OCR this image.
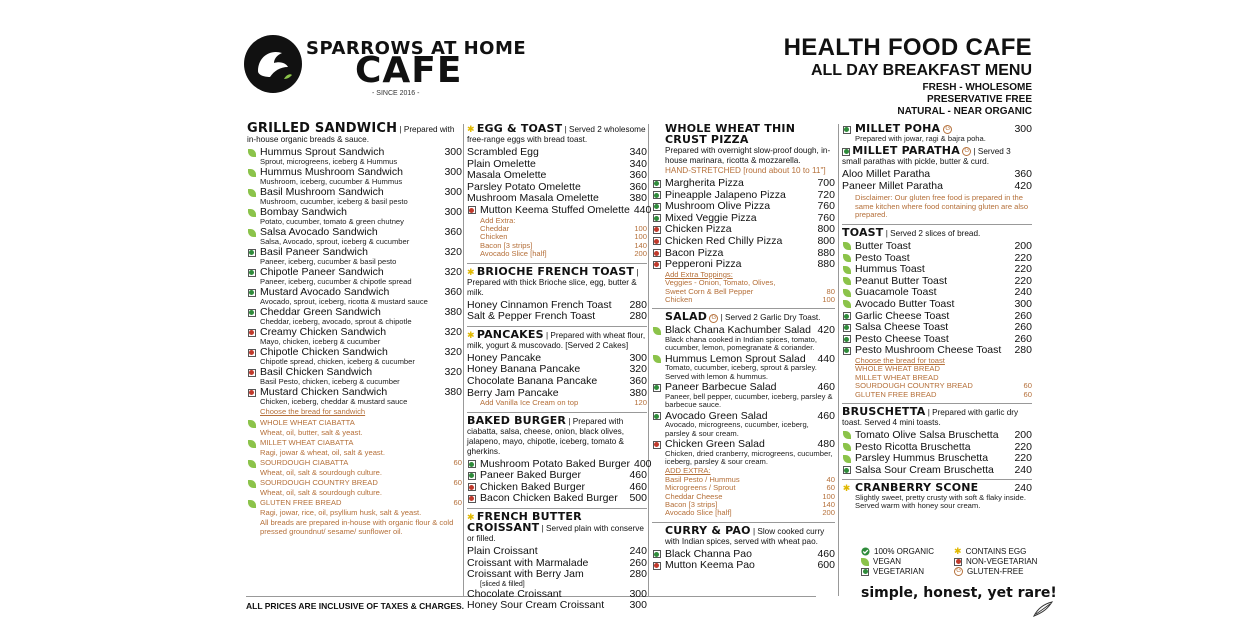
SPARROWS AT HOME
CAFE
- SINCE 2016 -
HEALTH FOOD CAFE
ALL DAY BREAKFAST MENU
FRESH - WHOLESOME
PRESERVATIVE FREE
NATURAL - NEAR ORGANIC
GRILLED SANDWICH | Prepared with in-house organic breads & sauce.
Hummus Sprout Sandwich	300
Sprout, microgreens, iceberg & Hummus
Hummus Mushroom Sandwich	300
Mushroom, iceberg, cucumber & Hummus
Basil Mushroom Sandwich	300
Mushroom, cucumber, iceberg & basil pesto
Bombay Sandwich	300
Potato, cucumber, tomato & green chutney
Salsa Avocado Sandwich	360
Salsa, Avocado, sprout, iceberg & cucumber
Basil Paneer Sandwich	320
Paneer, iceberg, cucumber & basil pesto
Chipotle Paneer Sandwich	320
Paneer, iceberg, cucumber & chipotle spread
Mustard Avocado Sandwich	360
Avocado, sprout, iceberg, ricotta & mustard sauce
Cheddar Green Sandwich	380
Cheddar, iceberg, avocado, sprout & chipotle
Creamy Chicken Sandwich	320
Mayo, chicken, iceberg & cucumber
Chipotle Chicken Sandwich	320
Chipotle spread, chicken, iceberg & cucumber
Basil Chicken Sandwich	320
Basil Pesto, chicken, iceberg & cucumber
Mustard Chicken Sandwich	380
Chicken, iceberg, cheddar & mustard sauce
Choose the bread for sandwich
WHOLE WHEAT CIABATTA
Wheat, oil, butter, salt & yeast.
MILLET WHEAT CIABATTA
Ragi, jowar & wheat, oil, salt & yeast.
SOURDOUGH CIABATTA	60
Wheat, oil, salt & sourdough culture.
SOURDOUGH COUNTRY BREAD	60
Wheat, oil, salt & sourdough culture.
GLUTEN FREE BREAD	60
Ragi, jowar, rice, oil, psyllium husk, salt & yeast.
All breads are prepared in-house with organic flour & cold pressed groundnut/ sesame/ sunflower oil.
✱ EGG & TOAST | Served 2 wholesome free-range eggs with bread toast.
Scrambled Egg	340
Plain Omelette	340
Masala Omelette	360
Parsley Potato Omelette	360
Mushroom Masala Omelette	380
Mutton Keema Stuffed Omelette 440
Add Extra:
Cheddar	100
Chicken	100
Bacon [3 strips]	140
Avocado Slice [half]	200
✱ BRIOCHE FRENCH TOAST | Prepared with thick Brioche slice, egg, butter & milk.
Honey Cinnamon French Toast 280
Salt & Pepper French Toast	280
✱ PANCAKES | Prepared with wheat flour, milk, yogurt & muscovado. [Served 2 Cakes]
Honey Pancake	300
Honey Banana Pancake	320
Chocolate Banana Pancake	360
Berry Jam Pancake	380
Add Vanilla Ice Cream on top	120
BAKED BURGER | Prepared with ciabatta, salsa, cheese, onion, black olives, jalapeno, mayo, chipotle, iceberg, tomato & gherkins.
Mushroom Potato Baked Burger 400
Paneer Baked Burger	460
Chicken Baked Burger	460
Bacon Chicken Baked Burger 500
✱ FRENCH BUTTER CROISSANT | Served plain with conserve or filled.
Plain Croissant	240
Croissant with Marmalade	260
Croissant with Berry Jam	280
[sliced & filled]
Chocolate Croissant	300
Honey Sour Cream Croissant 300
WHOLE WHEAT THIN CRUST PIZZA
Prepared with overnight slow-proof dough, in-house marinara, ricotta & mozzarella.
HAND-STRETCHED [round about 10 to 11"]
Margherita Pizza	700
Pineapple Jalapeno Pizza	720
Mushroom Olive Pizza	760
Mixed Veggie Pizza	760
Chicken Pizza	800
Chicken Red Chilly Pizza	800
Bacon Pizza	880
Pepperoni Pizza	880
Add Extra Toppings:
Veggies - Onion, Tomato, Olives,
Sweet Corn & Bell Pepper	80
Chicken	100
SALAD G | Served 2 Garlic Dry Toast.
Black Chana Kachumber Salad 420
Black chana cooked in Indian spices, tomato, cucumber, lemon, pomegranate & coriander.
Hummus Lemon Sprout Salad 440
Tomato, cucumber, iceberg, sprout & parsley. Served with lemon & hummus.
Paneer Barbecue Salad	460
Paneer, bell pepper, cucumber, iceberg, parsley & barbecue sauce.
Avocado Green Salad	460
Avocado, microgreens, cucumber, iceberg, parsley & sour cream.
Chicken Green Salad	480
Chicken, dried cranberry, microgreens, cucumber, iceberg, parsley & sour cream.
ADD EXTRA:
Basil Pesto / Hummus	40
Microgreens / Sprout	60
Cheddar Cheese	100
Bacon [3 strips]	140
Avocado Slice [half]	200
CURRY & PAO | Slow cooked curry with Indian spices, served with wheat pao.
Black Channa Pao	460
Mutton Keema Pao	600
MILLET POHA G	300
Prepared with jowar, ragi & bajra poha.
MILLET PARATHA G | Served 3 small parathas with pickle, butter & curd.
Aloo Millet Paratha	360
Paneer Millet Paratha	420
Disclaimer: Our gluten free food is prepared in the same kitchen where food containing gluten are also prepared.
TOAST | Served 2 slices of bread.
Butter Toast	200
Pesto Toast	220
Hummus Toast	220
Peanut Butter Toast	220
Guacamole Toast	240
Avocado Butter Toast	300
Garlic Cheese Toast	260
Salsa Cheese Toast	260
Pesto Cheese Toast	260
Pesto Mushroom Cheese Toast 280
Choose the bread for toast
WHOLE WHEAT BREAD
MILLET WHEAT BREAD
SOURDOUGH COUNTRY BREAD	60
GLUTEN FREE BREAD	60
BRUSCHETTA | Prepared with garlic dry toast. Served 4 mini toasts.
Tomato Olive Salsa Bruschetta 200
Pesto Ricotta Bruschetta	220
Parsley Hummus Bruschetta	220
Salsa Sour Cream Bruschetta 240
✱ CRANBERRY SCONE	240
Slightly sweet, pretty crusty with soft & flaky inside. Served warm with honey sour cream.
100% ORGANIC
VEGAN
VEGETARIAN
✱ CONTAINS EGG
NON-VEGETARIAN
G GLUTEN-FREE
ALL PRICES ARE INCLUSIVE OF TAXES & CHARGES.
simple, honest, yet rare!
